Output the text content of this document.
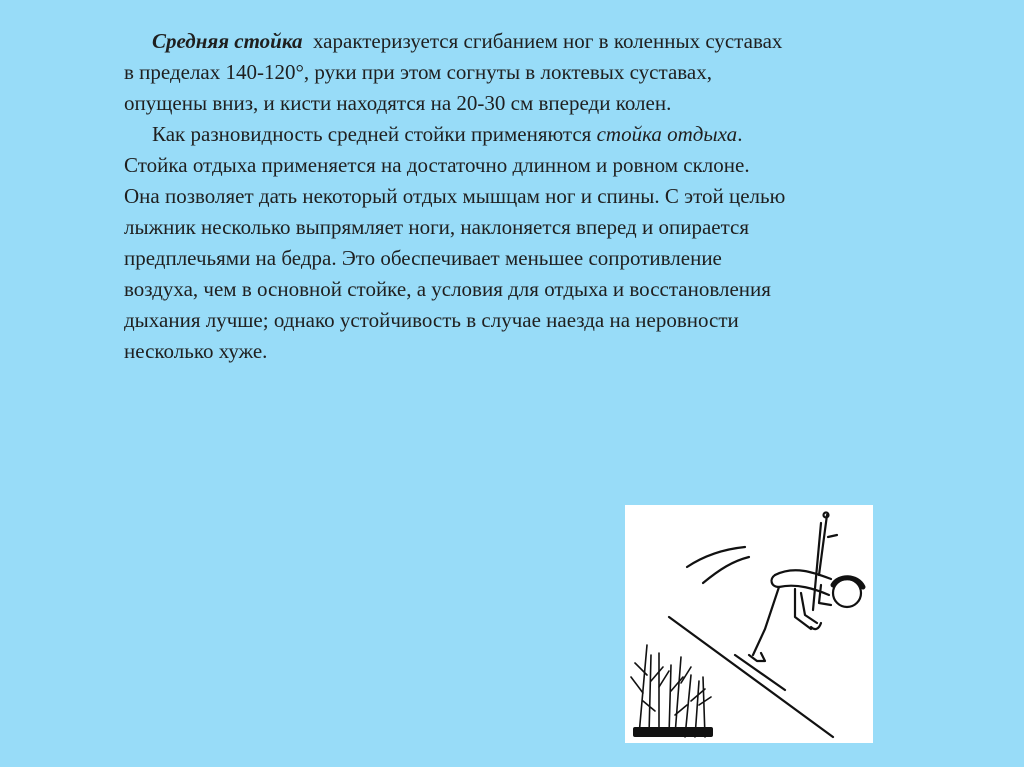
Средняя стойка характеризуется сгибанием ног в коленных суставах
в пределах 140-120°, руки при этом согнуты в локтевых суставах,
опущены вниз, и кисти находятся на 20-30 см впереди колен.

Как разновидность средней стойки применяются стойка отдыха.
Стойка отдыха применяется на достаточно длинном и ровном склоне.
Она позволяет дать некоторый отдых мышцам ног и спины. С этой целью
лыжник несколько выпрямляет ноги, наклоняется вперед и опирается
предплечьями на бедра. Это обеспечивает меньшее сопротивление
воздуха, чем в основной стойке, а условия для отдыха и восстановления
дыхания лучше; однако устойчивость в случае наезда на неровности
несколько хуже.
